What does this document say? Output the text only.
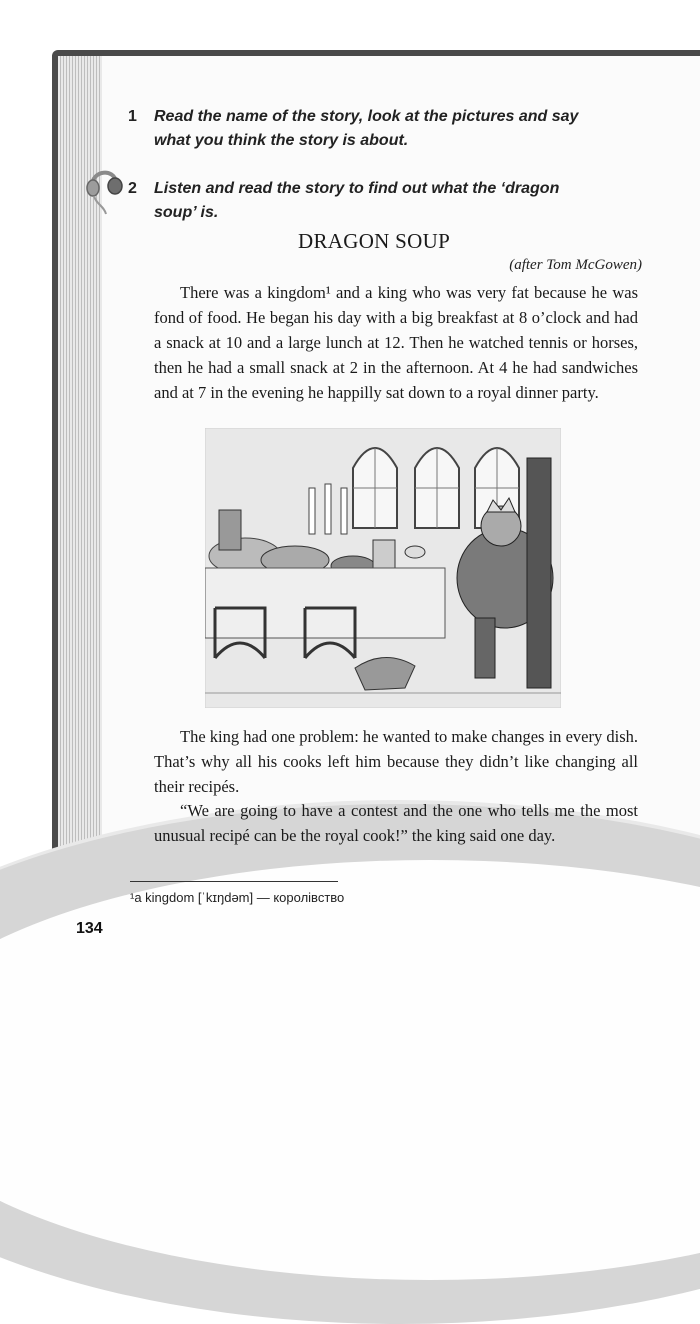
1 Read the name of the story, look at the pictures and say
what you think the story is about.
2 Listen and read the story to find out what the ‘dragon
soup’ is.
DRAGON SOUP
(after Tom McGowen)

There was a kingdom¹ and a king who was very fat because he was fond of food. He began his day with a big breakfast at 8 o’clock and had a snack at 10 and a large lunch at 12. Then he watched tennis or horses, then he had a small snack at 2 in the afternoon. At 4 he had sandwiches and at 7 in the evening he happilly sat down to a royal dinner party.

The king had one problem: he wanted to make changes in every dish. That’s why all his cooks left him because they didn’t like changing all their recipés.

“We are going to have a contest and the one who tells me the most unusual recipé can be the royal cook!” the king said one day.

¹a kingdom [ˈkɪŋdəm] — королівство
134
